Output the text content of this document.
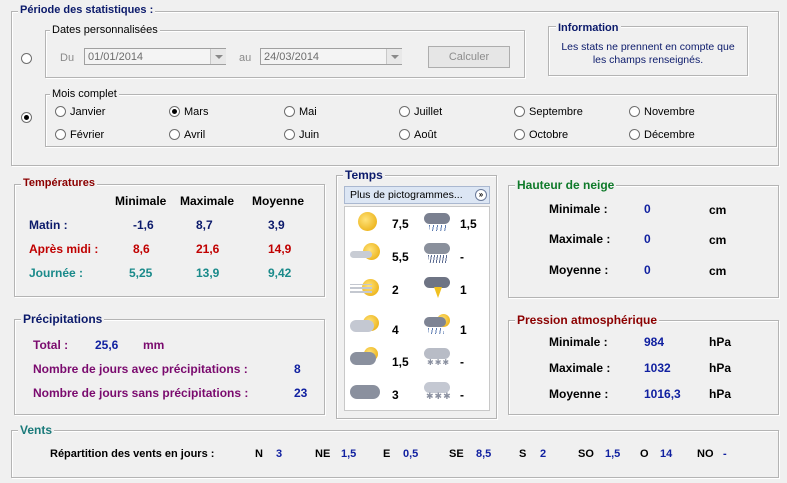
Période des statistiques :
Dates personnalisées
Du	01/01/2014	au	24/03/2014	Calculer
Information
Les stats ne prennent en compte que
les champs renseignés.
Mois complet
Janvier	Mars	Mai	Juillet	Septembre	Novembre
Février	Avril	Juin	Août	Octobre	Décembre
Températures
Minimale Maximale Moyenne
Matin :	-1,6	8,7	3,9
Après midi :	8,6	21,6	14,9
Journée :	5,25	13,9	9,42
Précipitations
Total : 25,6 mm
Nombre de jours avec précipitations :	8
Nombre de jours sans précipitations :	23
Temps
Plus de pictogrammes...	»
7,5	1,5
5,5	-
2	1
4	1
1,5 ✱✱✱ -
3	✱✱✱ -
Hauteur de neige
Minimale :	0	cm
Maximale :	0	cm
Moyenne :	0	cm
Pression atmosphérique
Minimale :	984	hPa
Maximale :	1032	hPa
Moyenne :	1016,3 hPa
Vents
Répartition des vents en jours :	N 3	NE 1,5 E 0,5	SE 8,5	S 2	SO 1,5 O 14 NO -
